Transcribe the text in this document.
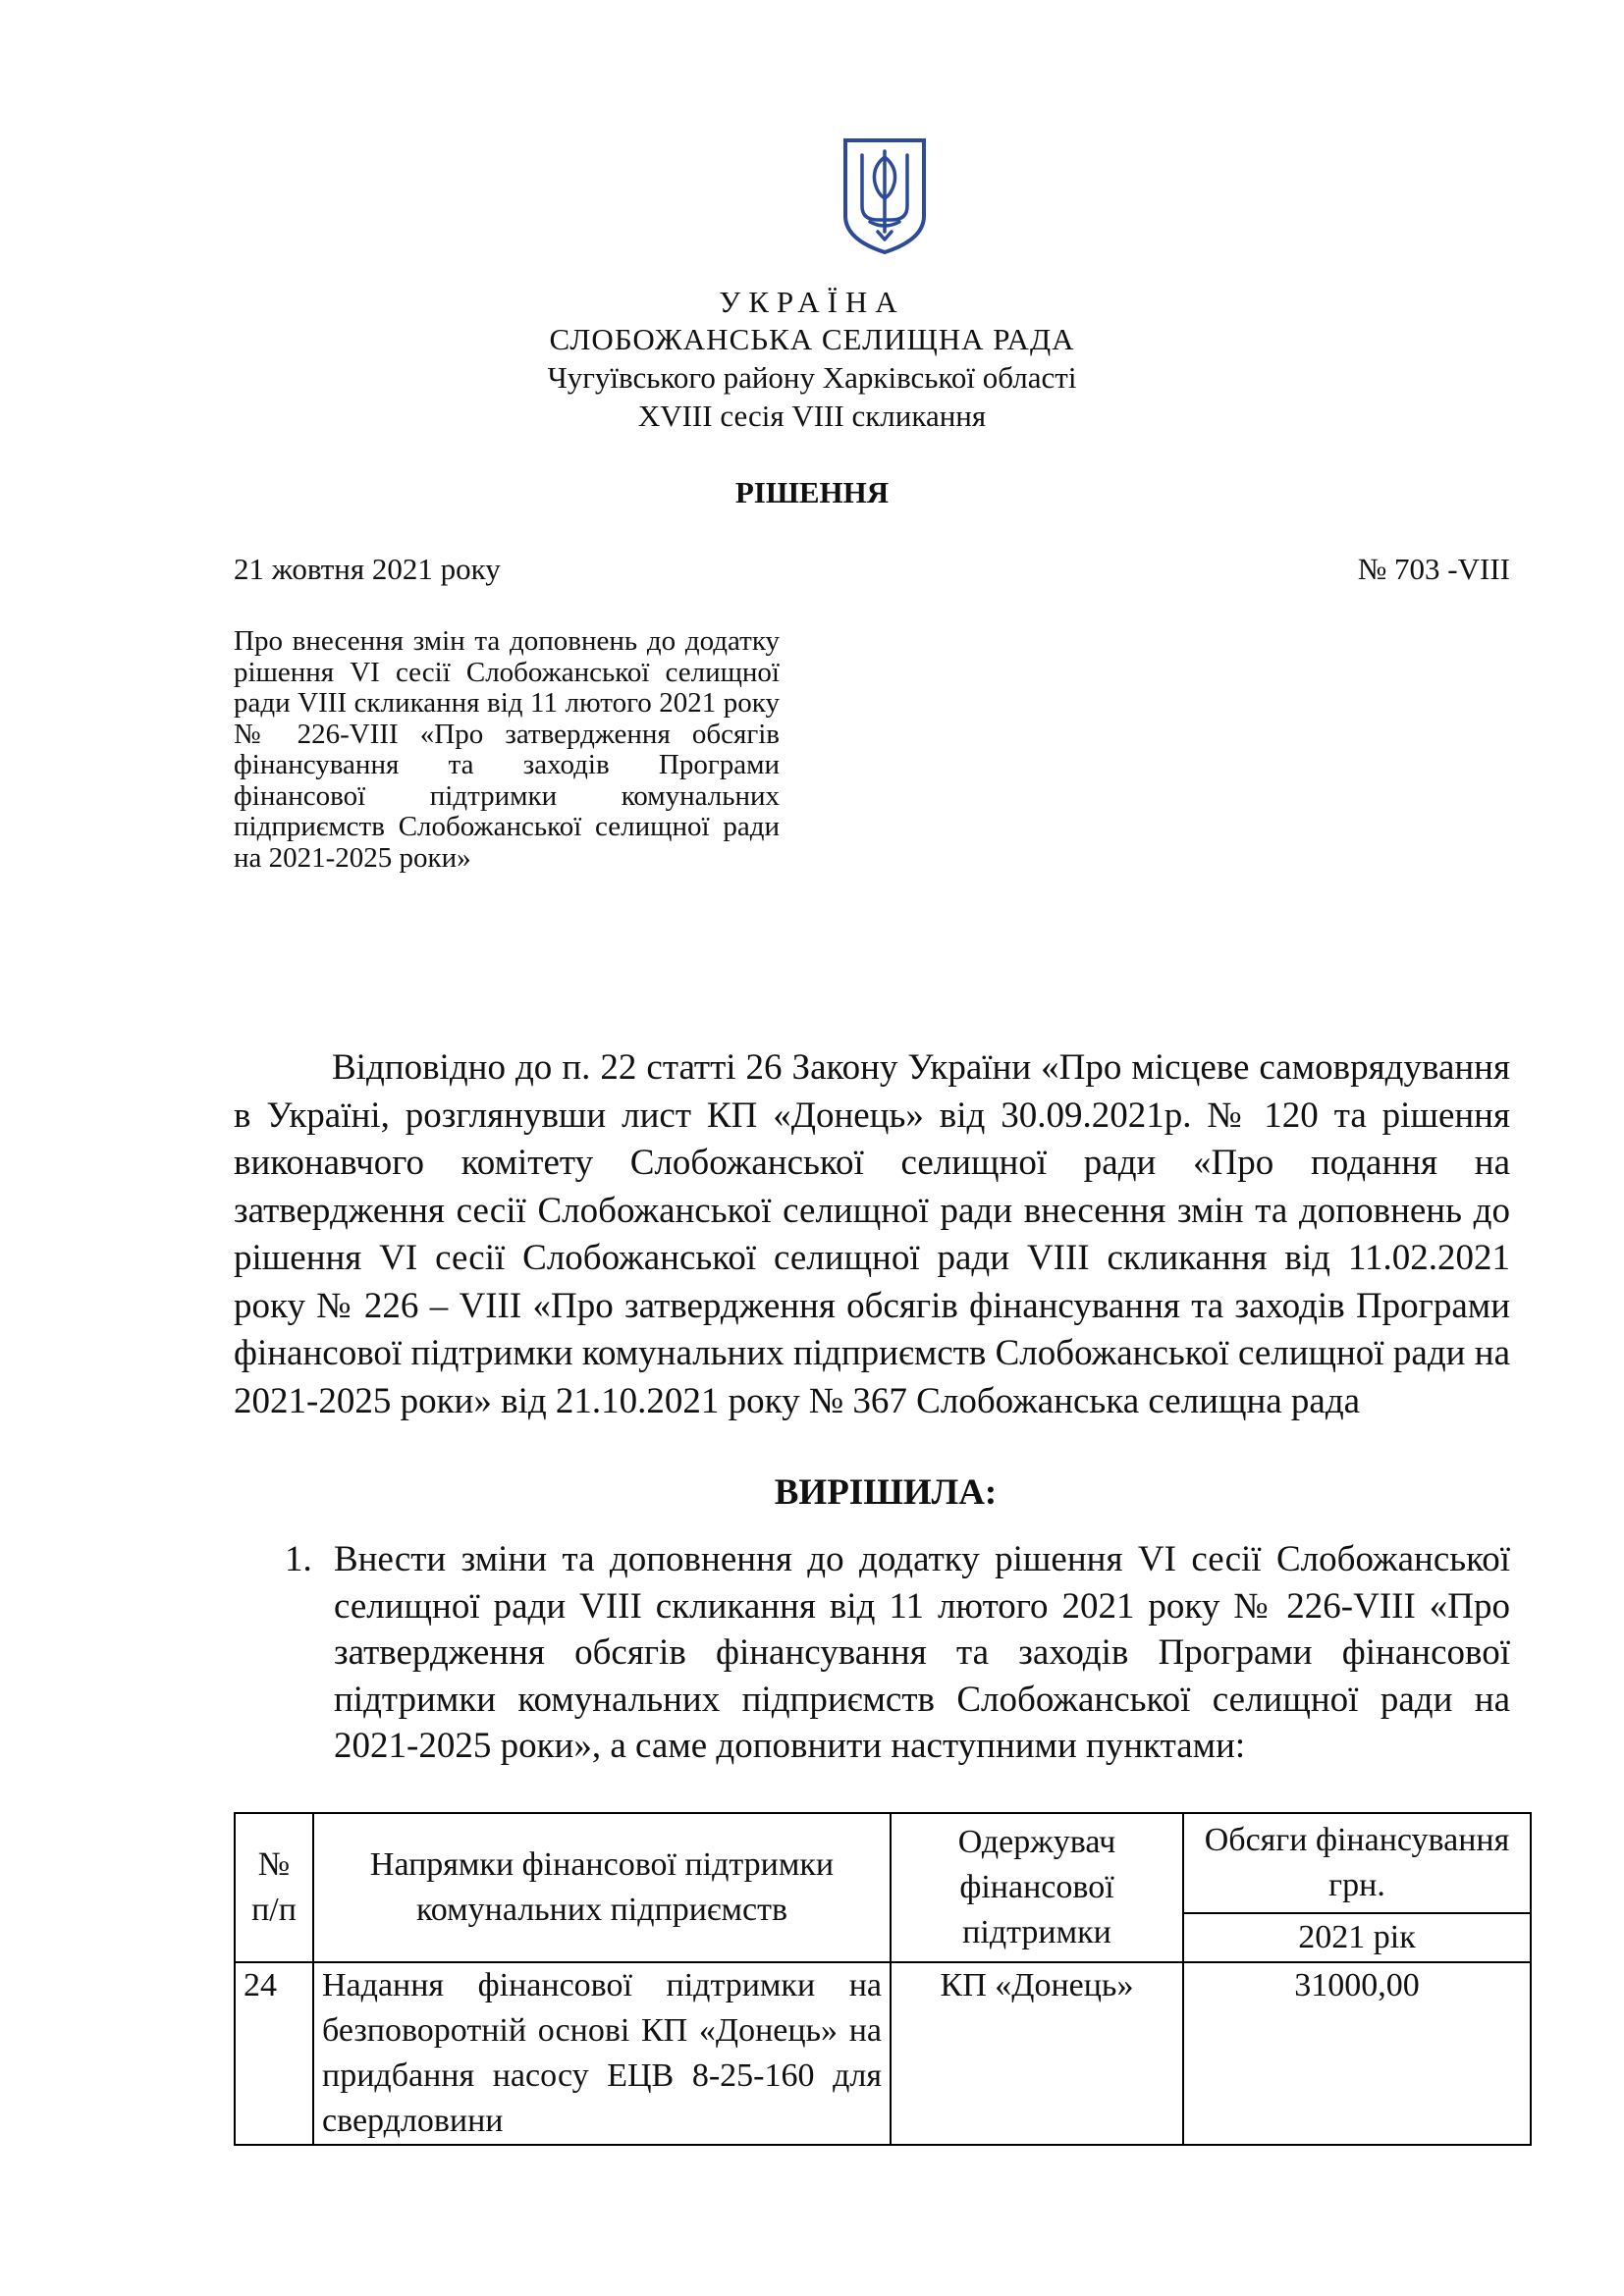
УКРАЇНА
СЛОБОЖАНСЬКА СЕЛИЩНА РАДА
Чугуївського району Харківської області
XVIII сесія VIII скликання
РІШЕННЯ
21 жовтня 2021 року	№ 703 -VIII
Про внесення змін та доповнень до додатку рішення VI сесії Слобожанської селищної ради VIII скликання від 11 лютого 2021 року № 226-VIII «Про затвердження обсягів фінансування та заходів Програми фінансової підтримки комунальних підприємств Слобожанської селищної ради на 2021-2025 роки»
Відповідно до п. 22 статті 26 Закону України «Про місцеве самоврядування в Україні, розглянувши лист КП «Донець» від 30.09.2021р. № 120 та рішення виконавчого комітету Слобожанської селищної ради «Про подання на затвердження сесії Слобожанської селищної ради внесення змін та доповнень до рішення VI сесії Слобожанської селищної ради VIII скликання від 11.02.2021 року № 226 – VIII «Про затвердження обсягів фінансування та заходів Програми фінансової підтримки комунальних підприємств Слобожанської селищної ради на 2021-2025 роки» від 21.10.2021 року № 367 Слобожанська селищна рада
ВИРІШИЛА:
1. Внести зміни та доповнення до додатку рішення VI сесії Слобожанської селищної ради VIII скликання від 11 лютого 2021 року № 226-VIII «Про затвердження обсягів фінансування та заходів Програми фінансової підтримки комунальних підприємств Слобожанської селищної ради на 2021-2025 роки», а саме доповнити наступними пунктами:
№ п/п	Напрямки фінансової підтримки комунальних підприємств	Одержувач фінансової підтримки	Обсяги фінансування грн.
			2021 рік
24	Надання фінансової підтримки на безповоротній основі КП «Донець» на придбання насосу ЕЦВ 8-25-160 для свердловини	КП «Донець»	31000,00
